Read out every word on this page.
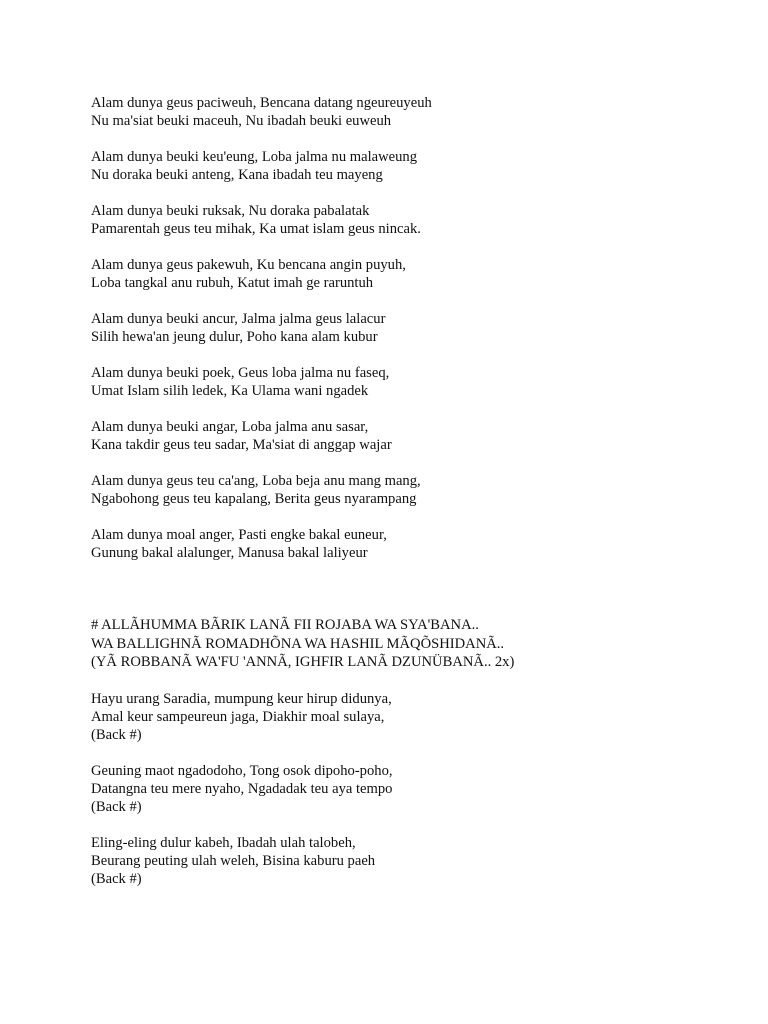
Alam dunya geus paciweuh, Bencana datang ngeureuyeuh
Nu ma'siat beuki maceuh, Nu ibadah beuki euweuh
Alam dunya beuki keu'eung, Loba jalma nu malaweung
Nu doraka beuki anteng, Kana ibadah teu mayeng
Alam dunya beuki ruksak, Nu doraka pabalatak
Pamarentah geus teu mihak, Ka umat islam geus nincak.
Alam dunya geus pakewuh, Ku bencana angin puyuh,
Loba tangkal anu rubuh, Katut imah ge raruntuh
Alam dunya beuki ancur, Jalma jalma geus lalacur
Silih hewa'an jeung dulur, Poho kana alam kubur
Alam dunya beuki poek, Geus loba jalma nu faseq,
Umat Islam silih ledek, Ka Ulama wani ngadek
Alam dunya beuki angar, Loba jalma anu sasar,
Kana takdir geus teu sadar, Ma'siat di anggap wajar
Alam dunya geus teu ca'ang, Loba beja anu mang mang,
Ngabohong geus teu kapalang, Berita geus nyarampang
Alam dunya moal anger, Pasti engke bakal euneur,
Gunung bakal alalunger, Manusa bakal laliyeur
# ALLÃHUMMA BÃRIK LANÃ FII ROJABA WA SYA'BANA..
WA BALLIGHNÃ ROMADHÕNA WA HASHIL MÃQÕSHIDANÃ..
(YÃ ROBBANÃ WA'FU 'ANNÃ, IGHFIR LANÃ DZUNÜBANÃ.. 2x)
Hayu urang Saradia, mumpung keur hirup didunya,
Amal keur sampeureun jaga, Diakhir moal sulaya,
(Back #)
Geuning maot ngadodoho, Tong osok dipoho-poho,
Datangna teu mere nyaho, Ngadadak teu aya tempo
(Back #)
Eling-eling dulur kabeh, Ibadah ulah talobeh,
Beurang peuting ulah weleh, Bisina kaburu paeh
(Back #)
